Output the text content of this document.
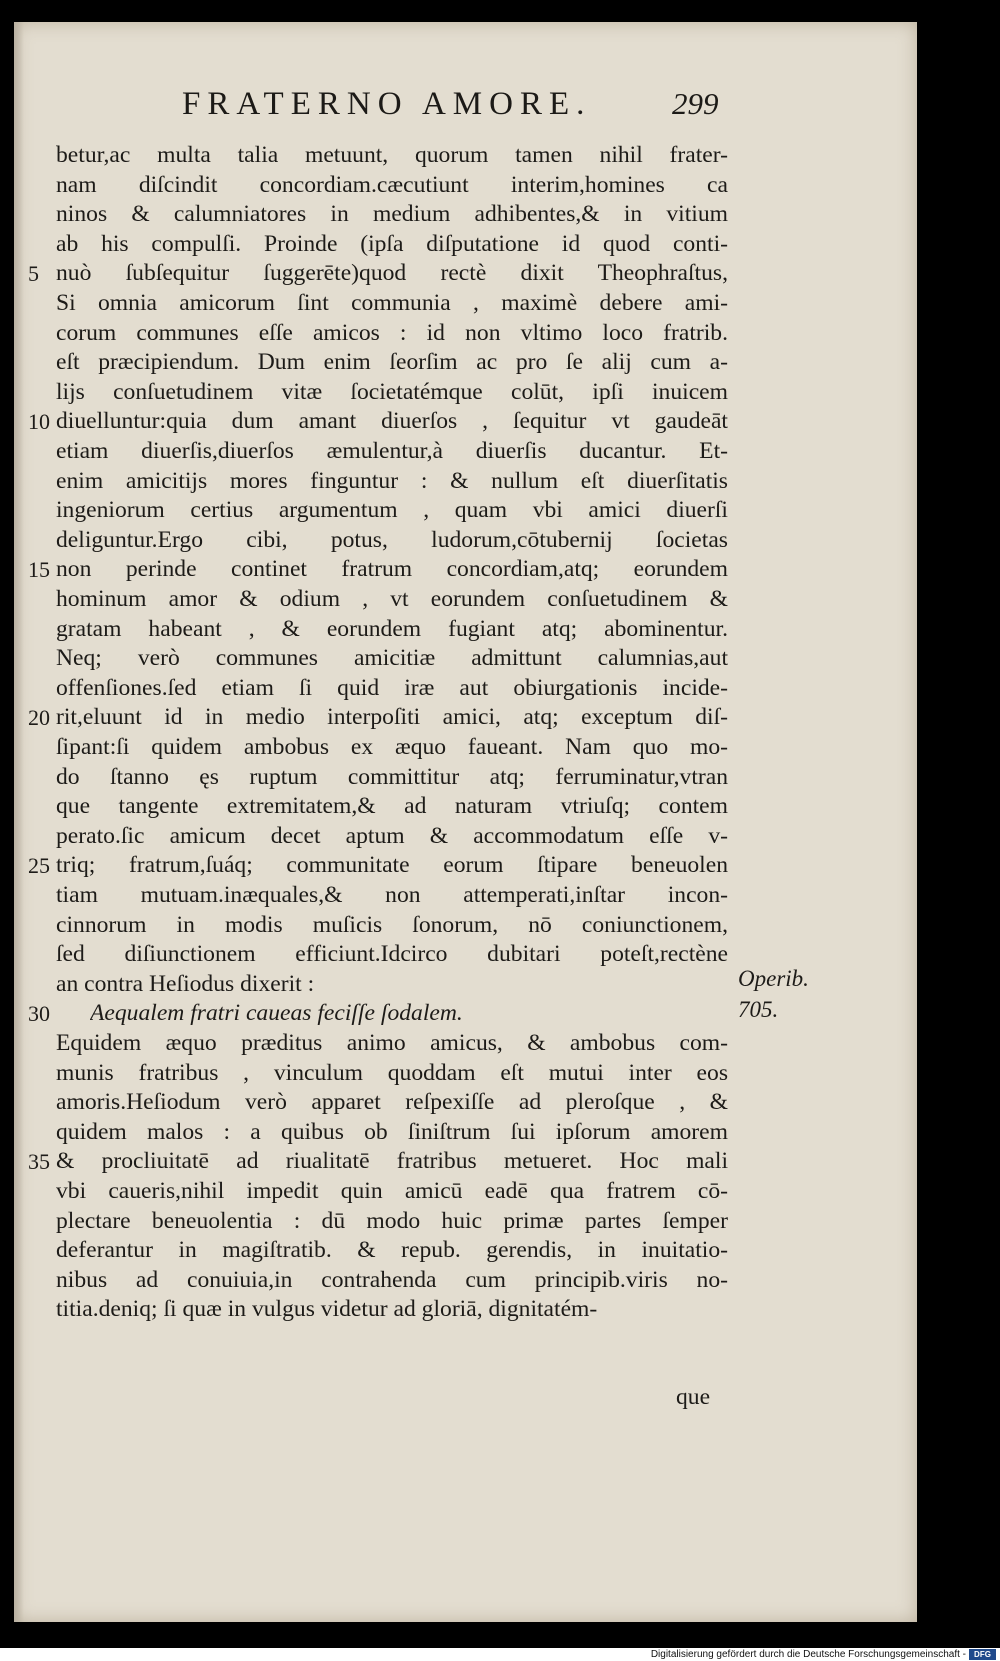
FRATERNO AMORE.	299
Operib.
705.
que
betur,ac multa talia metuunt, quorum tamen nihil frater-
nam diſcindit concordiam.cæcutiunt interim,homines ca
ninos & calumniatores in medium adhibentes,& in vitium
ab his compulſi. Proinde (ipſa diſputatione id quod conti-
nuò ſubſequitur ſuggerēte)quod rectè dixit Theophraſtus,
Si omnia amicorum ſint communia , maximè debere ami-
corum communes eſſe amicos : id non vltimo loco fratrib.
eſt præcipiendum. Dum enim ſeorſim ac pro ſe alij cum a-
lijs conſuetudinem vitæ ſocietatémque colūt, ipſi inuicem
diuelluntur:quia dum amant diuerſos , ſequitur vt gaudeāt
etiam diuerſis,diuerſos æmulentur,à diuerſis ducantur. Et-
enim amicitijs mores finguntur : & nullum eſt diuerſitatis
ingeniorum certius argumentum , quam vbi amici diuerſi
deliguntur.Ergo cibi, potus, ludorum,cōtubernij ſocietas
non perinde continet fratrum concordiam,atq; eorundem
hominum amor & odium , vt eorundem conſuetudinem &
gratam habeant , & eorundem fugiant atq; abominentur.
Neq; verò communes amicitiæ admittunt calumnias,aut
offenſiones.ſed etiam ſi quid iræ aut obiurgationis incide-
rit,eluunt id in medio interpoſiti amici, atq; exceptum diſ-
ſipant:ſi quidem ambobus ex æquo faueant. Nam quo mo-
do ſtanno ęs ruptum committitur atq; ferruminatur,vtran
que tangente extremitatem,& ad naturam vtriuſq; contem
perato.ſic amicum decet aptum & accommodatum eſſe v-
triq; fratrum,ſuáq; communitate eorum ſtipare beneuolen
tiam mutuam.inæquales,& non attemperati,inſtar incon-
cinnorum in modis muſicis ſonorum, nō coniunctionem,
ſed diſiunctionem efficiunt.Idcirco dubitari poteſt,rectène
an contra Heſiodus dixerit :
Aequalem fratri caueas feciſſe ſodalem.
Equidem æquo præditus animo amicus, & ambobus com-
munis fratribus , vinculum quoddam eſt mutui inter eos
amoris.Heſiodum verò apparet reſpexiſſe ad pleroſque , &
quidem malos : a quibus ob ſiniſtrum ſui ipſorum amorem
& procliuitatē ad riualitatē fratribus metueret. Hoc mali
vbi caueris,nihil impedit quin amicū eadē qua fratrem cō-
plectare beneuolentia : dū modo huic primæ partes ſemper
deferantur in magiſtratib. & repub. gerendis, in inuitatio-
nibus ad conuiuia,in contrahenda cum principib.viris no-
titia.deniq; ſi quæ in vulgus videtur ad gloriā, dignitatém-
5
10
15
20
25
30
35
Digitalisierung gefördert durch die Deutsche Forschungsgemeinschaft -	DFG
